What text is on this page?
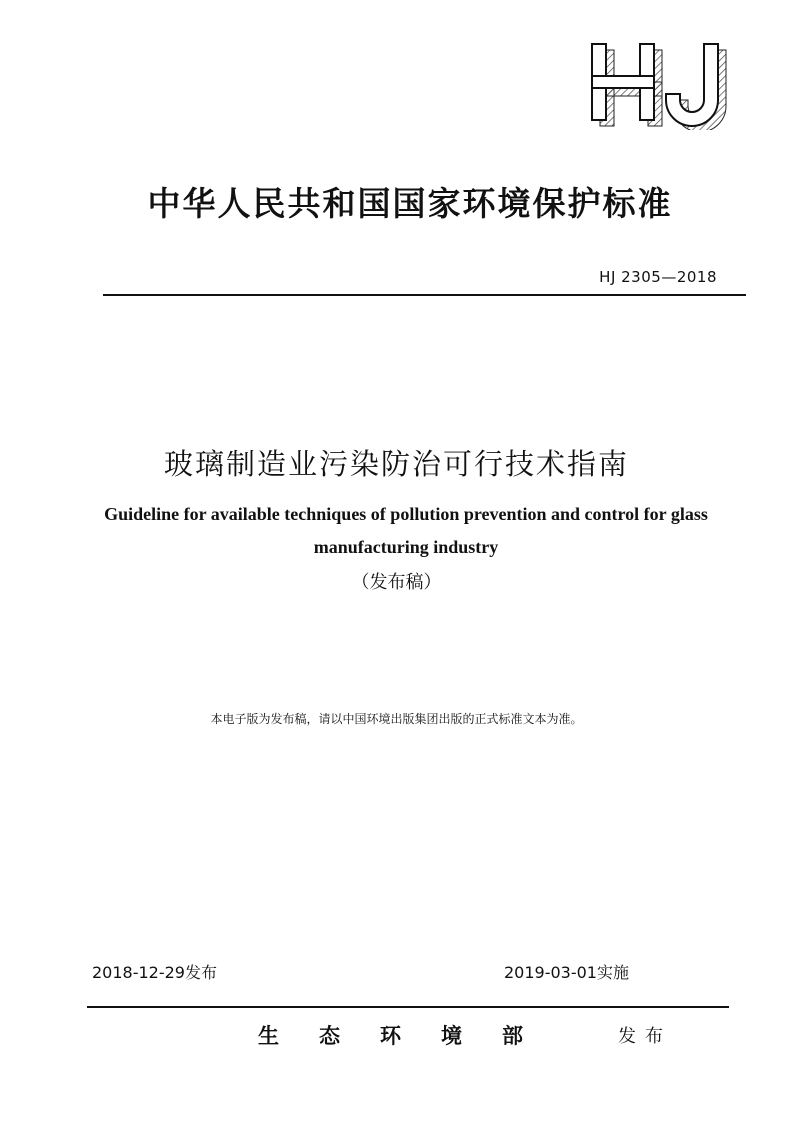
中华人民共和国国家环境保护标准
HJ 2305—2018
玻璃制造业污染防治可行技术指南
Guideline for available techniques of pollution prevention and control for glass manufacturing industry
（发布稿）
本电子版为发布稿，请以中国环境出版集团出版的正式标准文本为准。
2018-12-29发布	2019-03-01实施
生态环境部	发布
